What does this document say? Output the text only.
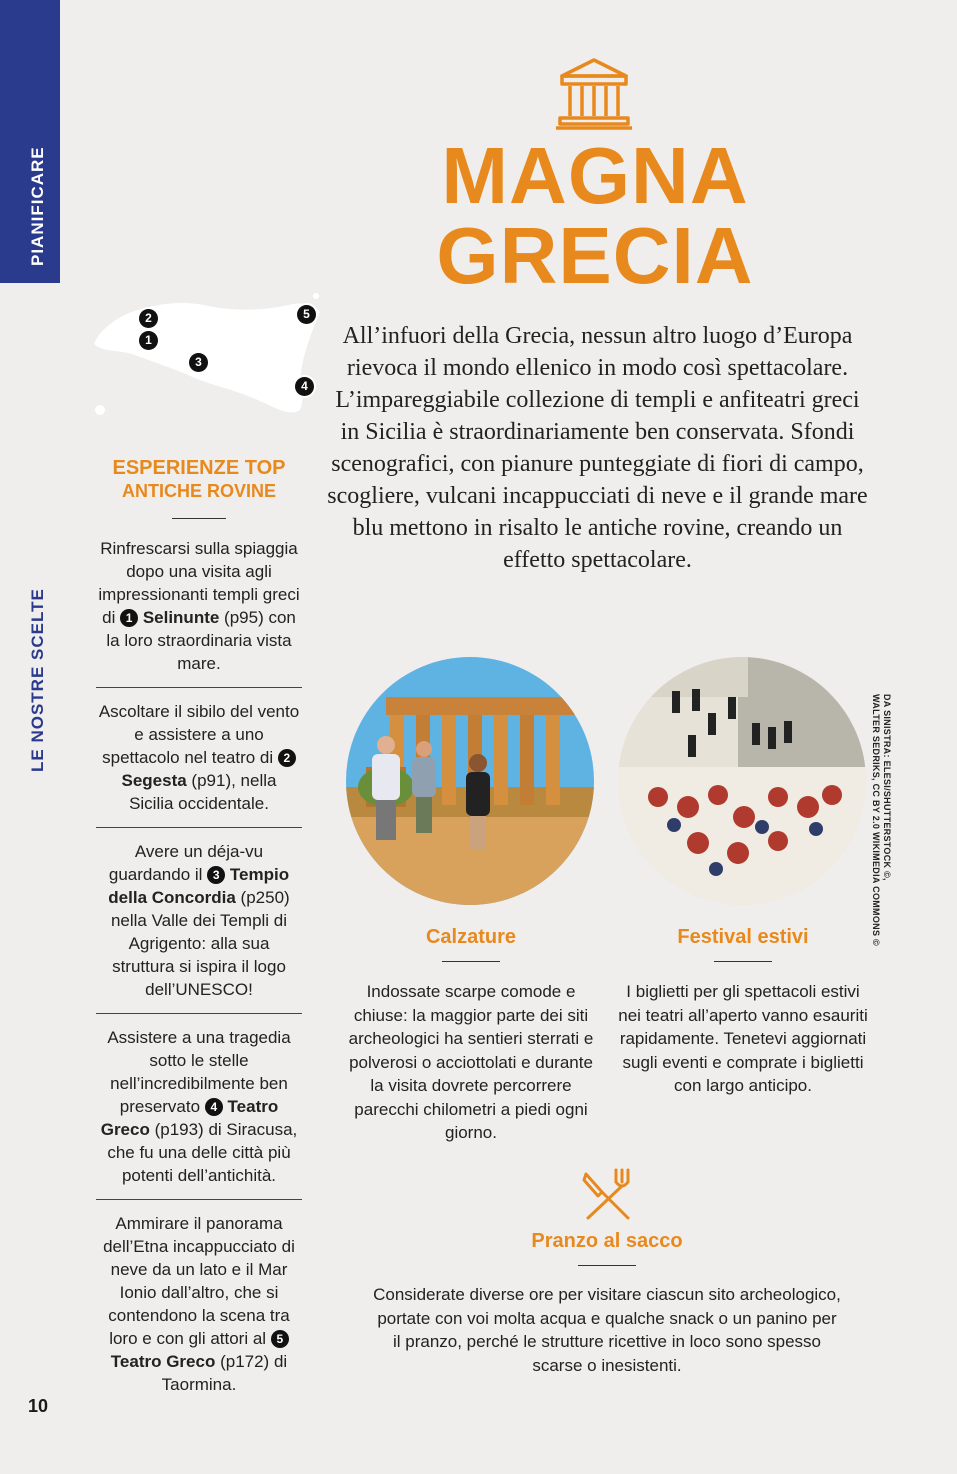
PIANIFICARE
LE NOSTRE SCELTE
10
2
1
3
5
4
ESPERIENZE TOP
ANTICHE ROVINE
Rinfrescarsi sulla spiaggia dopo una visita agli impressionanti templi greci di 1 Selinunte (p95) con la loro straordinaria vista mare.
Ascoltare il sibilo del vento e assistere a uno spettacolo nel teatro di 2 Segesta (p91), nella Sicilia occidentale.
Avere un déja-vu guardando il 3 Tempio della Concordia (p250) nella Valle dei Templi di Agrigento: alla sua struttura si ispira il logo dell’UNESCO!
Assistere a una tragedia sotto le stelle nell’incredibilmente ben preservato 4 Teatro Greco (p193) di Siracusa, che fu una delle città più potenti dell’antichità.
Ammirare il panorama dell’Etna incappucciato di neve da un lato e il Mar Ionio dall’altro, che si contendono la scena tra loro e con gli attori al 5 Teatro Greco (p172) di Taormina.
MAGNA
GRECIA
All’infuori della Grecia, nessun altro luogo d’Europa rievoca il mondo ellenico in modo così spettacolare. L’impareggiabile collezione di templi e anfiteatri greci in Sicilia è straordinariamente ben conservata. Sfondi scenografici, con pianure punteggiate di fiori di campo, scogliere, vulcani incappucciati di neve e il grande mare blu mettono in risalto le antiche rovine, creando un effetto spettacolare.
DA SINISTRA: ELESI/SHUTTERSTOCK ©,
WALTER SEDRIKS, CC BY 2.0 WIKIMEDIA COMMONS ©
Calzature
Indossate scarpe comode e chiuse: la maggior parte dei siti archeologici ha sentieri sterrati e polverosi o acciottolati e durante la visita dovrete percorrere parecchi chilometri a piedi ogni giorno.
Festival estivi
I biglietti per gli spettacoli estivi nei teatri all’aperto vanno esauriti rapidamente. Tenetevi aggiornati sugli eventi e comprate i biglietti con largo anticipo.
Pranzo al sacco
Considerate diverse ore per visitare ciascun sito archeologico, portate con voi molta acqua e qualche snack o un panino per il pranzo, perché le strutture ricettive in loco sono spesso scarse o inesistenti.
